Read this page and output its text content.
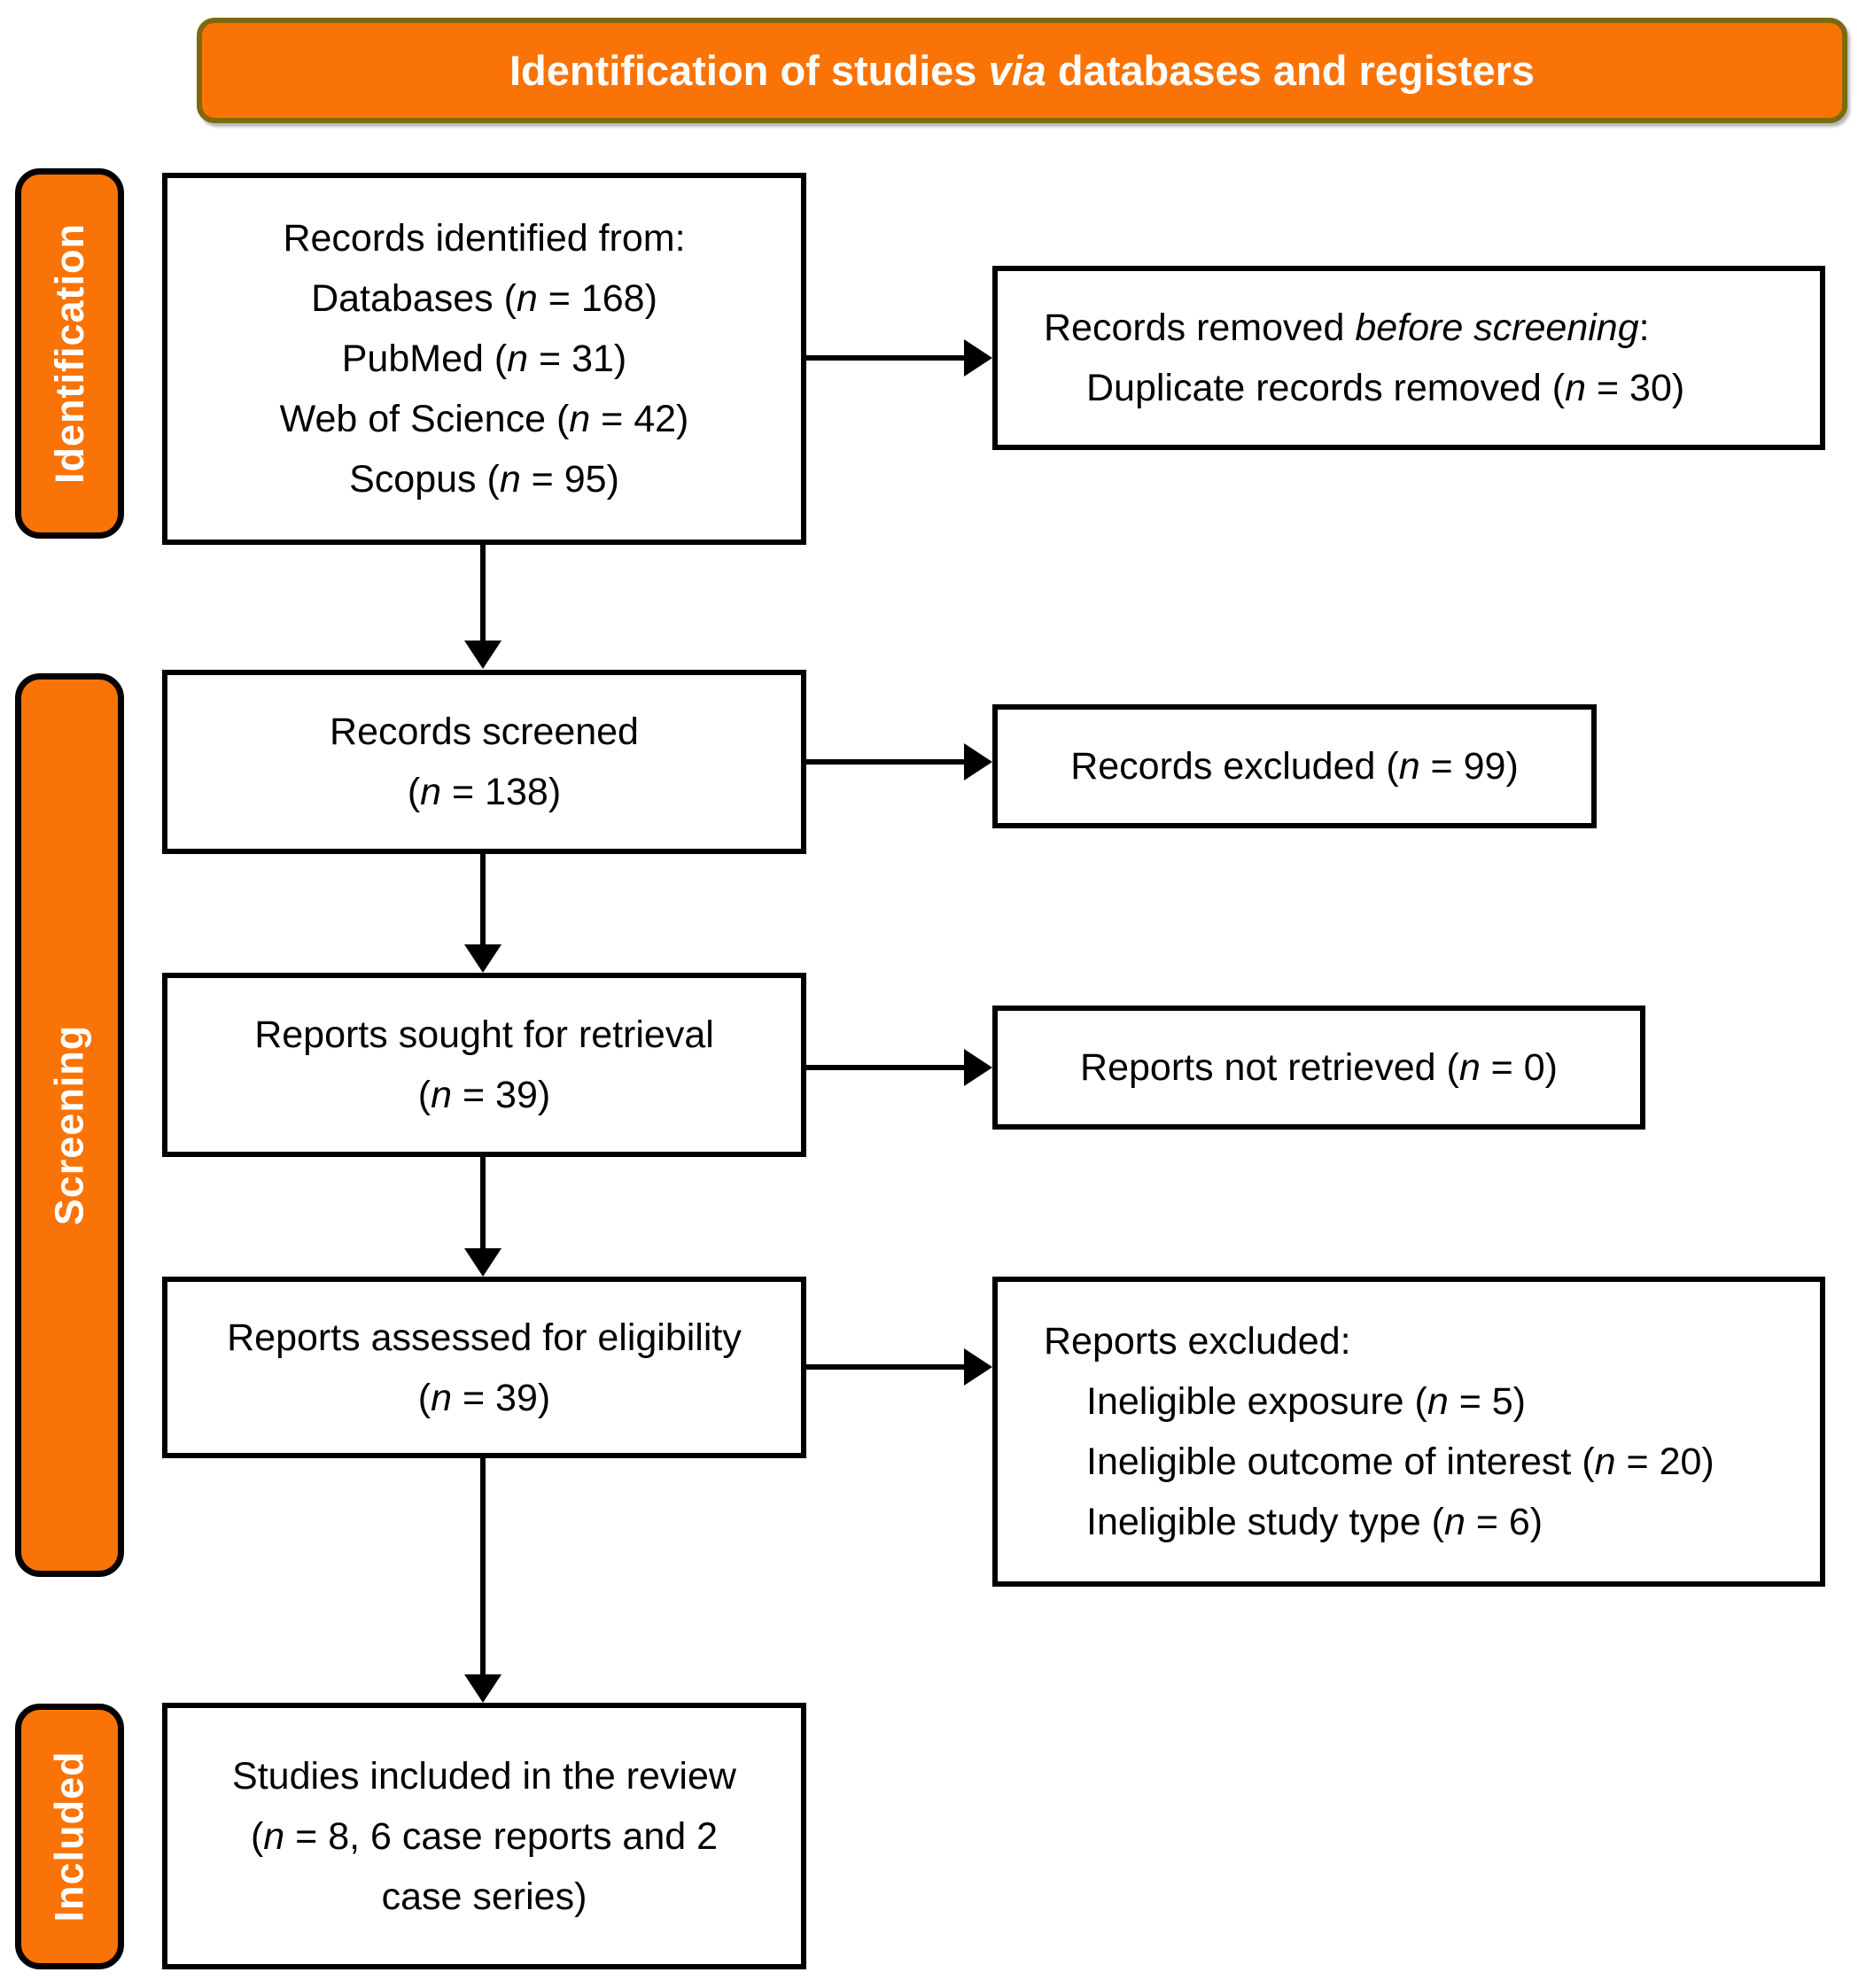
Identification of studies via databases and registers
Identification
Screening
Included
Records identified from:
Databases (n = 168)
PubMed (n = 31)
Web of Science (n = 42)
Scopus (n = 95)
Records screened
(n = 138)
Reports sought for retrieval
(n = 39)
Reports assessed for eligibility
(n = 39)
Studies included in the review
(n = 8, 6 case reports and 2
case series)
Records removed before screening:
Duplicate records removed (n = 30)
Records excluded (n = 99)
Reports not retrieved (n = 0)
Reports excluded:
Ineligible exposure (n = 5)
Ineligible outcome of interest (n = 20)
Ineligible study type (n = 6)
